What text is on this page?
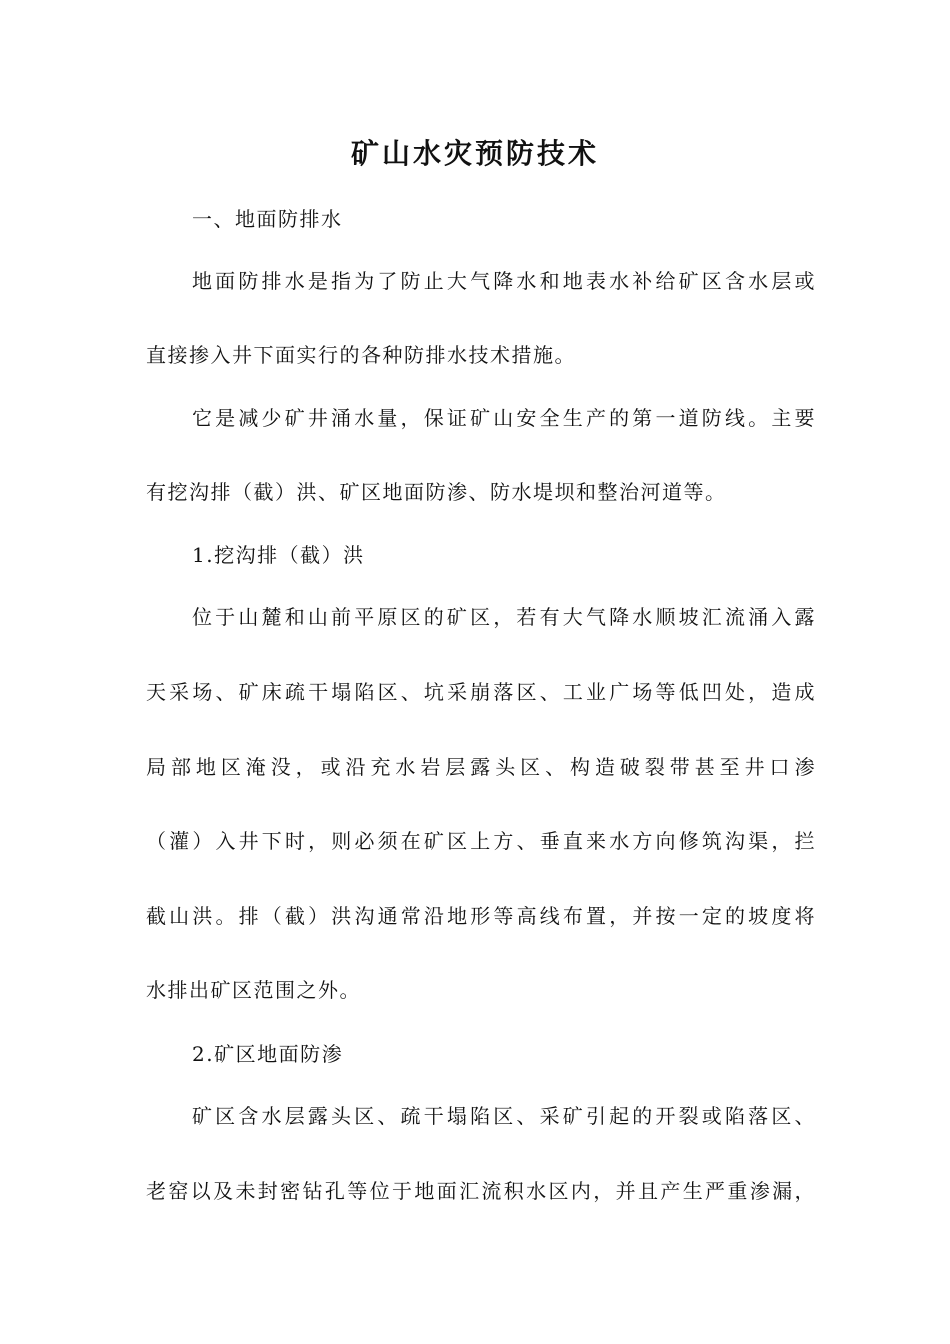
矿山水灾预防技术

一、地面防排水

地面防排水是指为了防止大气降水和地表水补给矿区含水层或

直接掺入井下面实行的各种防排水技术措施。

它是减少矿井涌水量，保证矿山安全生产的第一道防线。主要

有挖沟排（截）洪、矿区地面防渗、防水堤坝和整治河道等。

1.挖沟排（截）洪

位于山麓和山前平原区的矿区，若有大气降水顺坡汇流涌入露

天采场、矿床疏干塌陷区、坑采崩落区、工业广场等低凹处，造成

局部地区淹没，或沿充水岩层露头区、构造破裂带甚至井口渗

（灌）入井下时，则必须在矿区上方、垂直来水方向修筑沟渠，拦

截山洪。排（截）洪沟通常沿地形等高线布置，并按一定的坡度将

水排出矿区范围之外。

2.矿区地面防渗

矿区含水层露头区、疏干塌陷区、采矿引起的开裂或陷落区、

老窑以及未封密钻孔等位于地面汇流积水区内，并且产生严重渗漏，
